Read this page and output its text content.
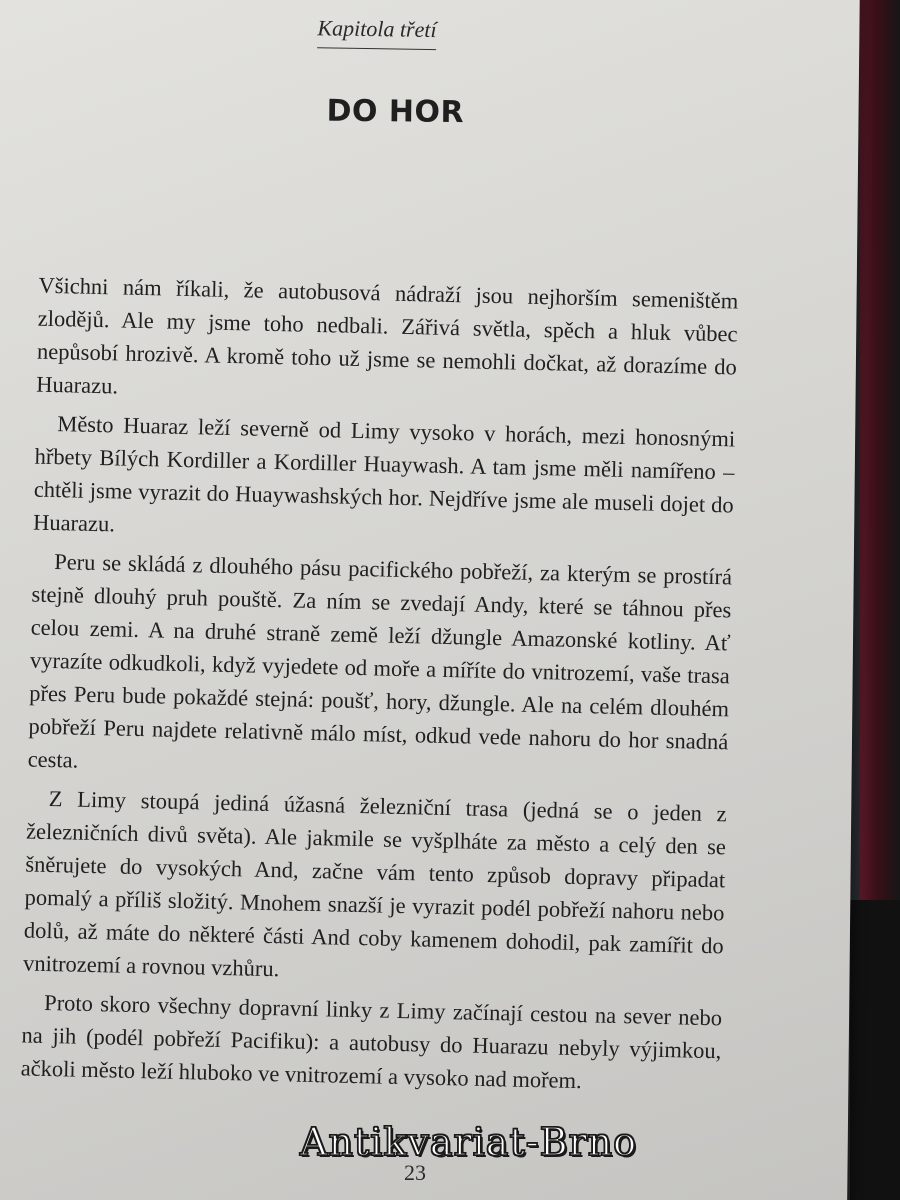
Kapitola třetí
DO HOR

Všichni nám říkali, že autobusová nádraží jsou nejhorším semeništěm zlodějů. Ale my jsme toho nedbali. Zářivá světla, spěch a hluk vůbec nepůsobí hrozivě. A kromě toho už jsme se nemohli dočkat, až dorazíme do Huarazu.

Město Huaraz leží severně od Limy vysoko v horách, mezi honosnými hřbety Bílých Kordiller a Kordiller Huaywash. A tam jsme měli namířeno – chtěli jsme vyrazit do Huaywashských hor. Nejdříve jsme ale museli dojet do Huarazu.

Peru se skládá z dlouhého pásu pacifického pobřeží, za kterým se prostírá stejně dlouhý pruh pouště. Za ním se zvedají Andy, které se táhnou přes celou zemi. A na druhé straně země leží džungle Amazonské kotliny. Ať vyrazíte odkudkoli, když vyjedete od moře a míříte do vnitrozemí, vaše trasa přes Peru bude pokaždé stejná: poušť, hory, džungle. Ale na celém dlouhém pobřeží Peru najdete relativně málo míst, odkud vede nahoru do hor snadná cesta.

Z Limy stoupá jediná úžasná železniční trasa (jedná se o jeden z železničních divů světa). Ale jakmile se vyšplháte za město a celý den se šněrujete do vysokých And, začne vám tento způsob dopravy připadat pomalý a příliš složitý. Mnohem snazší je vyrazit podél pobřeží nahoru nebo dolů, až máte do některé části And coby kamenem dohodil, pak zamířit do vnitrozemí a rovnou vzhůru.

Proto skoro všechny dopravní linky z Limy začínají cestou na sever nebo na jih (podél pobřeží Pacifiku): a autobusy do Huarazu nebyly výjimkou, ačkoli město leží hluboko ve vnitrozemí a vysoko nad mořem.

Antikvariat-Brno
23
